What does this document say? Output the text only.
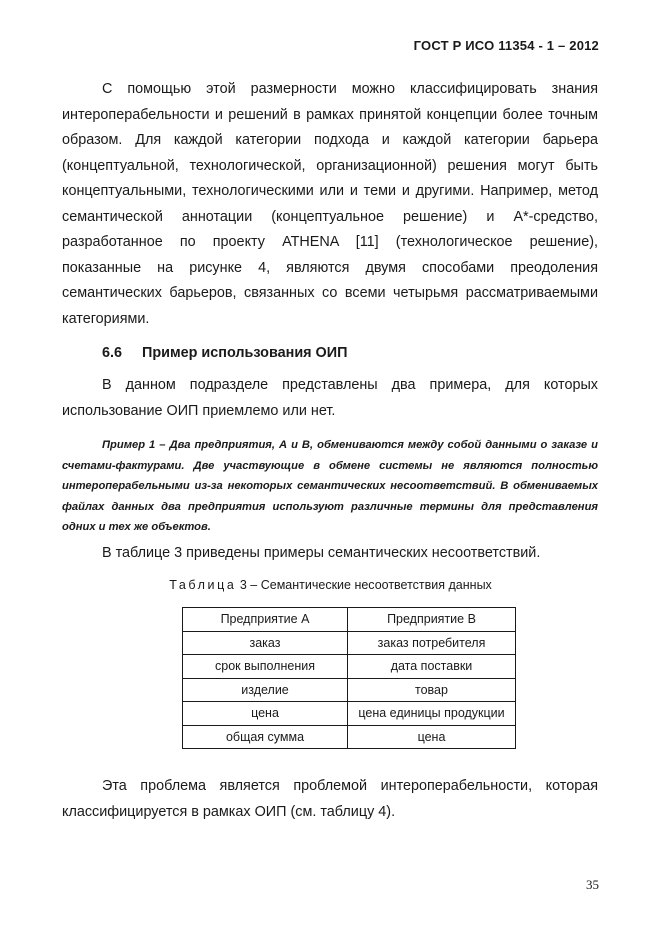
ГОСТ Р ИСО 11354 - 1 – 2012

С помощью этой размерности можно классифицировать знания интероперабельности и решений в рамках принятой концепции более точным образом. Для каждой категории подхода и каждой категории барьера (концептуальной, технологической, организационной) решения могут быть концептуальными, технологическими или и теми и другими. Например, метод семантической аннотации (концептуальное решение) и А*-средство, разработанное по проекту ATHENA [11] (технологическое решение), показанные на рисунке 4, являются двумя способами преодоления семантических барьеров, связанных со всеми четырьмя рассматриваемыми категориями.

6.6 Пример использования ОИП

В данном подразделе представлены два примера, для которых использование ОИП приемлемо или нет.

Пример 1 – Два предприятия, А и В, обмениваются между собой данными о заказе и счетами-фактурами. Две участвующие в обмене системы не являются полностью интероперабельными из-за некоторых семантических несоответствий. В обмениваемых файлах данных два предприятия используют различные термины для представления одних и тех же объектов.

В таблице 3 приведены примеры семантических несоответствий.

Таблица 3 – Семантические несоответствия данных
Предприятие А	Предприятие В
заказ	заказ потребителя
срок выполнения	дата поставки
изделие	товар
цена	цена единицы продукции
общая сумма	цена

Эта проблема является проблемой интероперабельности, которая классифицируется в рамках ОИП (см. таблицу 4).

35
